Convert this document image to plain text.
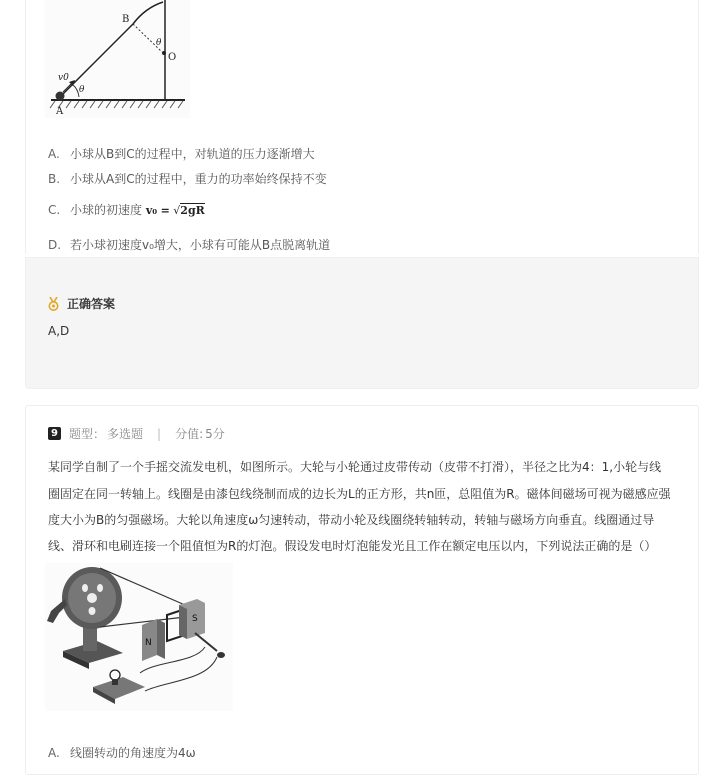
B
O
θ
v0
θ
A
A. 小球从B到C的过程中，对轨道的压力逐渐增大
B. 小球从A到C的过程中，重力的功率始终保持不变
C. 小球的初速度 v₀ = √2gR
D. 若小球初速度v₀增大，小球有可能从B点脱离轨道
正确答案
A,D
9 题型： 多选题 | 分值: 5分
某同学自制了一个手摇交流发电机，如图所示。大轮与小轮通过皮带传动（皮带不打滑），半径之比为4：1,小轮与线
圈固定在同一转轴上。线圈是由漆包线绕制而成的边长为L的正方形，共n匝，总阻值为R。磁体间磁场可视为磁感应强
度大小为B的匀强磁场。大轮以角速度ω匀速转动，带动小轮及线圈绕转轴转动，转轴与磁场方向垂直。线圈通过导
线、滑环和电刷连接一个阻值恒为R的灯泡。假设发电时灯泡能发光且工作在额定电压以内，下列说法正确的是（）
N
S
A. 线圈转动的角速度为4ω
